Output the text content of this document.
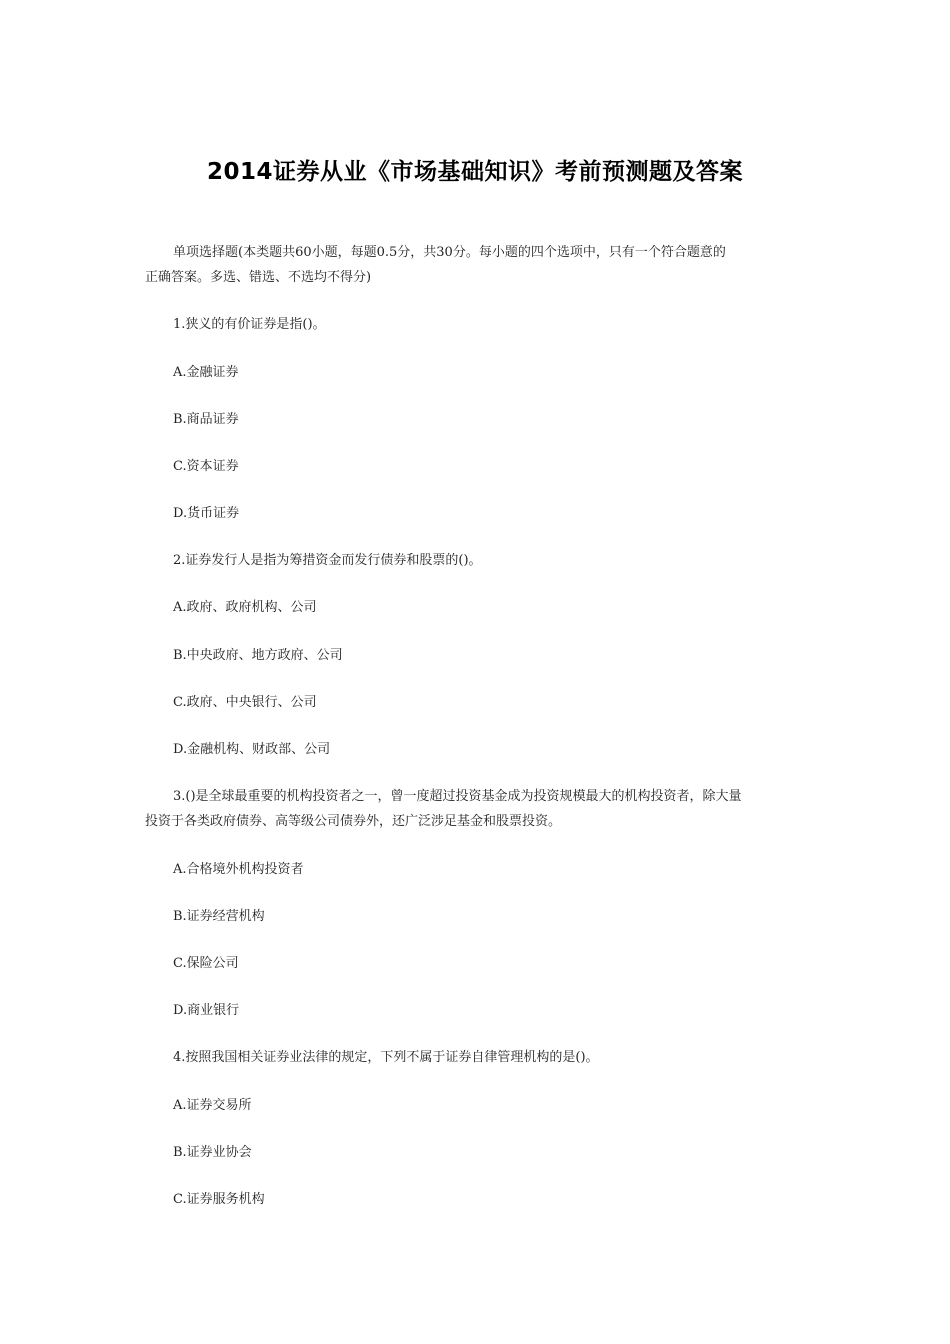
2014证券从业《市场基础知识》考前预测题及答案
单项选择题(本类题共60小题，每题0.5分，共30分。每小题的四个选项中，只有一个符合题意的
正确答案。多选、错选、不选均不得分)
1.狭义的有价证券是指()。
A.金融证券
B.商品证券
C.资本证券
D.货币证券
2.证券发行人是指为筹措资金而发行债券和股票的()。
A.政府、政府机构、公司
B.中央政府、地方政府、公司
C.政府、中央银行、公司
D.金融机构、财政部、公司
3.()是全球最重要的机构投资者之一，曾一度超过投资基金成为投资规模最大的机构投资者，除大量
投资于各类政府债券、高等级公司债券外，还广泛涉足基金和股票投资。
A.合格境外机构投资者
B.证券经营机构
C.保险公司
D.商业银行
4.按照我国相关证券业法律的规定，下列不属于证券自律管理机构的是()。
A.证券交易所
B.证券业协会
C.证券服务机构
